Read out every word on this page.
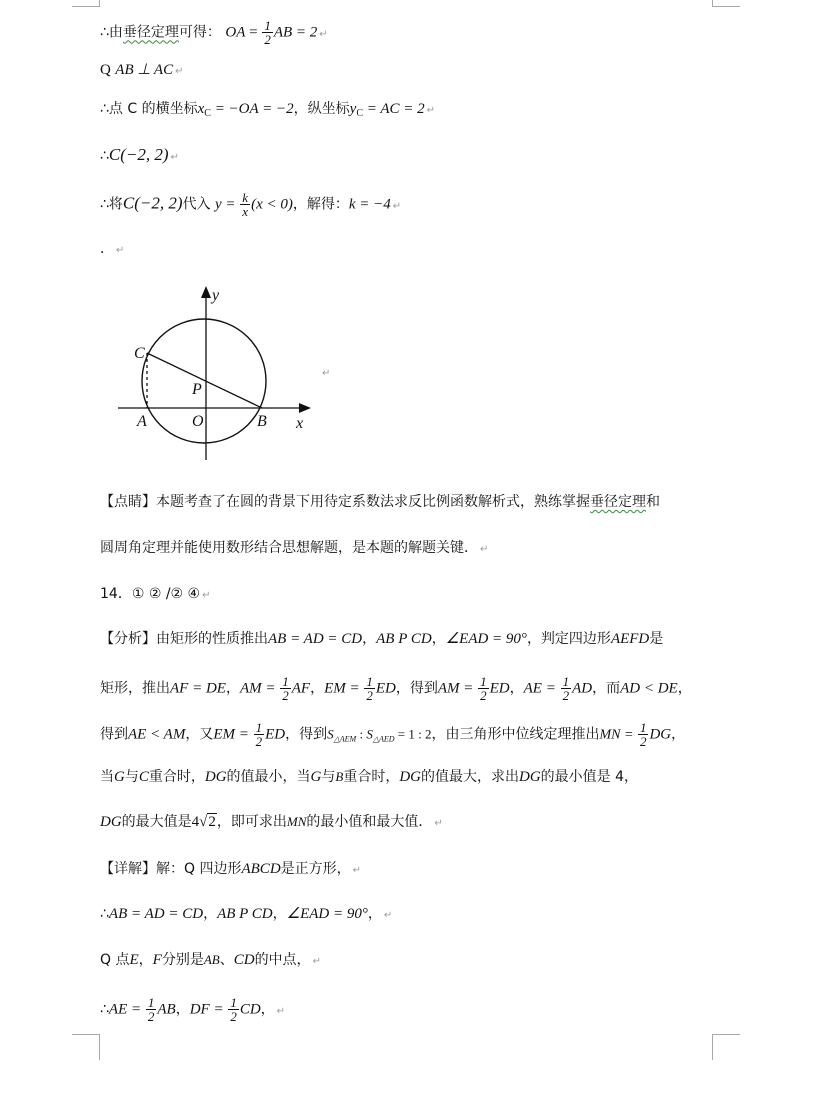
∴由垂径定理可得： OA = $\frac{1}{2}$ AB = 2 ↵
Q AB ⊥ AC ↵
∴点 C 的横坐标$x_C = -OA = -2$，纵坐标$y_C$ = AC = 2 ↵
∴C(−2, 2) ↵
∴将C(−2, 2)代入 $y = \frac{k}{x} (x < 0)$，解得：k = −4 ↵
． ↵
y
x
C
A	O	B
P
↵
【点睛】本题考查了在圆的背景下用待定系数法求反比例函数解析式，熟练掌握垂径定理和
圆周角定理并能使用数形结合思想解题，是本题的解题关键． ↵
14．① ② /② ④ ↵
【分析】由矩形的性质推出AB = AD = CD，AB P CD，∠EAD = 90°，判定四边形AEFD是
矩形，推出AF = DE，AM = $\frac{1}{2}$ AF，EM = $\frac{1}{2}$ ED，得到AM = $\frac{1}{2}$ ED，AE = $\frac{1}{2}$ AD，而AD < DE，
得到AE < AM，又EM = $\frac{1}{2}$ ED，得到$S_{\triangle AEM}$ : $S_{\triangle AED} = 1$ : 2，由三角形中位线定理推出MN = $\frac{1}{2}$ DG，
当G与C重合时，DG的值最小，当G与B重合时，DG的值最大，求出DG的最小值是 4，
DG的最大值是4√2，即可求出MN的最小值和最大值． ↵
【详解】解：Q 四边形ABCD是正方形， ↵
∴AB = AD = CD，AB P CD，∠EAD = 90°， ↵
Q 点E，F分别是AB、CD的中点， ↵
∴AE = $\frac{1}{2}$ AB，DF = $\frac{1}{2}$ CD， ↵
